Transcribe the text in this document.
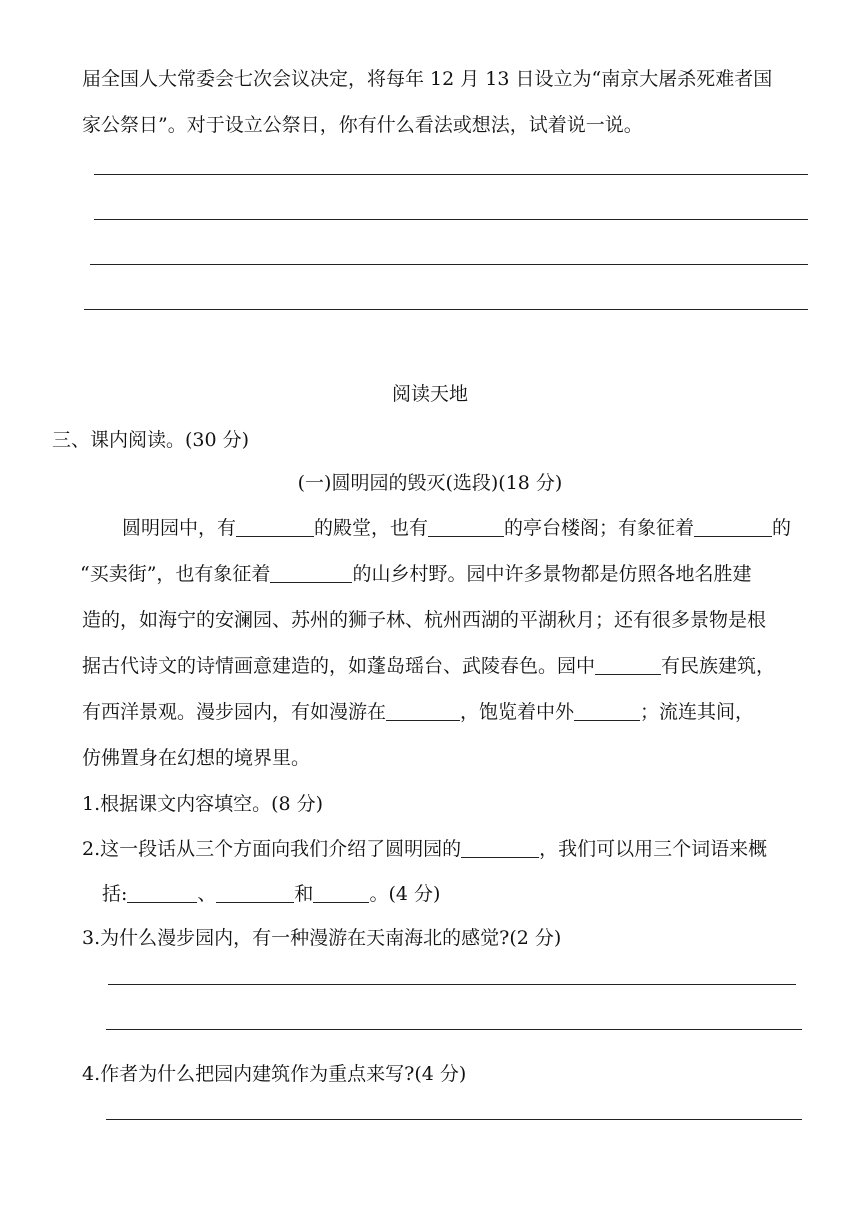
届全国人大常委会七次会议决定，将每年 12 月 13 日设立为“南京大屠杀死难者国
家公祭日”。对于设立公祭日，你有什么看法或想法，试着说一说。
阅读天地
三、课内阅读。(30 分)
(一)圆明园的毁灭(选段)(18 分)
圆明园中，有	的殿堂，也有	的亭台楼阁；有象征着	的
“买卖街”，也有象征着	的山乡村野。园中许多景物都是仿照各地名胜建
造的，如海宁的安澜园、苏州的狮子林、杭州西湖的平湖秋月；还有很多景物是根
据古代诗文的诗情画意建造的，如蓬岛瑶台、武陵春色。园中	有民族建筑，
有西洋景观。漫步园内，有如漫游在	，饱览着中外	；流连其间，
仿佛置身在幻想的境界里。
1.根据课文内容填空。(8 分)
2.这一段话从三个方面向我们介绍了圆明园的	，我们可以用三个词语来概
括:	、	和	。(4 分)
3.为什么漫步园内，有一种漫游在天南海北的感觉?(2 分)
4.作者为什么把园内建筑作为重点来写?(4 分)
